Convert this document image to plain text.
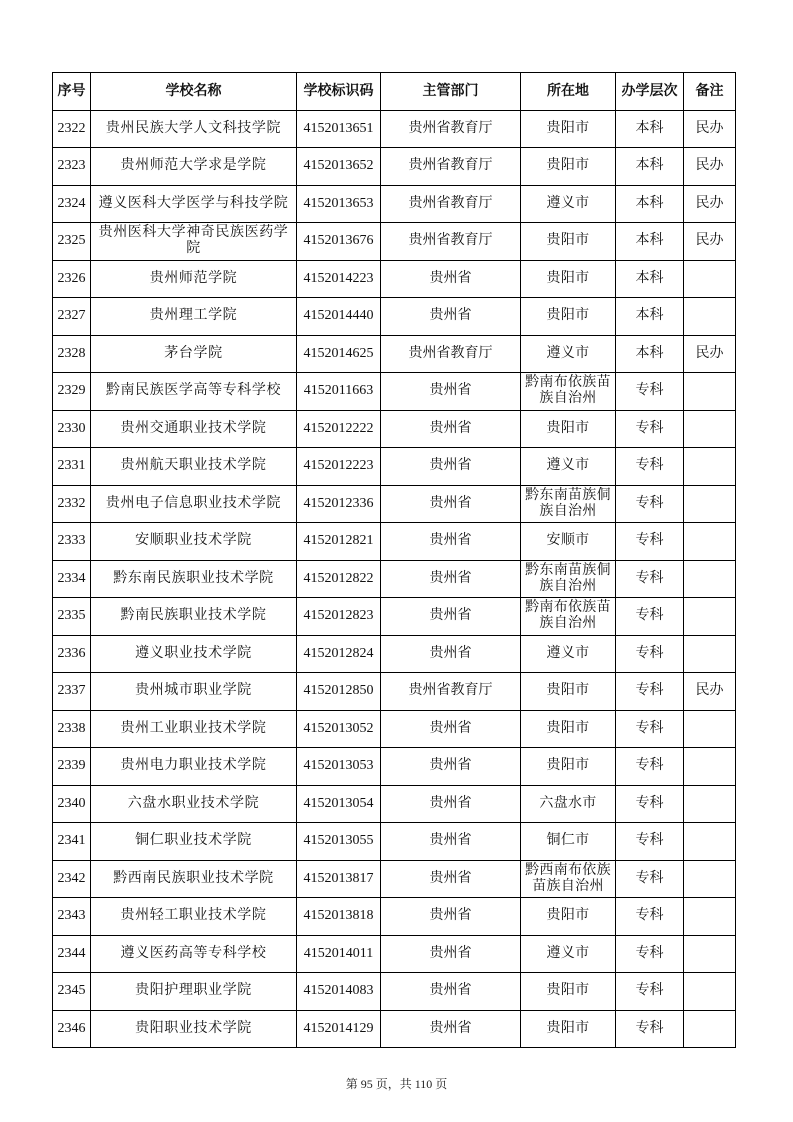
序号	学校名称	学校标识码	主管部门	所在地	办学层次	备注
2322	贵州民族大学人文科技学院	4152013651	贵州省教育厅	贵阳市	本科	民办
2323	贵州师范大学求是学院	4152013652	贵州省教育厅	贵阳市	本科	民办
2324	遵义医科大学医学与科技学院	4152013653	贵州省教育厅	遵义市	本科	民办
2325	贵州医科大学神奇民族医药学院	4152013676	贵州省教育厅	贵阳市	本科	民办
2326	贵州师范学院	4152014223	贵州省	贵阳市	本科	
2327	贵州理工学院	4152014440	贵州省	贵阳市	本科	
2328	茅台学院	4152014625	贵州省教育厅	遵义市	本科	民办
2329	黔南民族医学高等专科学校	4152011663	贵州省	黔南布依族苗族自治州	专科	
2330	贵州交通职业技术学院	4152012222	贵州省	贵阳市	专科	
2331	贵州航天职业技术学院	4152012223	贵州省	遵义市	专科	
2332	贵州电子信息职业技术学院	4152012336	贵州省	黔东南苗族侗族自治州	专科	
2333	安顺职业技术学院	4152012821	贵州省	安顺市	专科	
2334	黔东南民族职业技术学院	4152012822	贵州省	黔东南苗族侗族自治州	专科	
2335	黔南民族职业技术学院	4152012823	贵州省	黔南布依族苗族自治州	专科	
2336	遵义职业技术学院	4152012824	贵州省	遵义市	专科	
2337	贵州城市职业学院	4152012850	贵州省教育厅	贵阳市	专科	民办
2338	贵州工业职业技术学院	4152013052	贵州省	贵阳市	专科	
2339	贵州电力职业技术学院	4152013053	贵州省	贵阳市	专科	
2340	六盘水职业技术学院	4152013054	贵州省	六盘水市	专科	
2341	铜仁职业技术学院	4152013055	贵州省	铜仁市	专科	
2342	黔西南民族职业技术学院	4152013817	贵州省	黔西南布依族苗族自治州	专科	
2343	贵州轻工职业技术学院	4152013818	贵州省	贵阳市	专科	
2344	遵义医药高等专科学校	4152014011	贵州省	遵义市	专科	
2345	贵阳护理职业学院	4152014083	贵州省	贵阳市	专科	
2346	贵阳职业技术学院	4152014129	贵州省	贵阳市	专科	
第 95 页，共 110 页
